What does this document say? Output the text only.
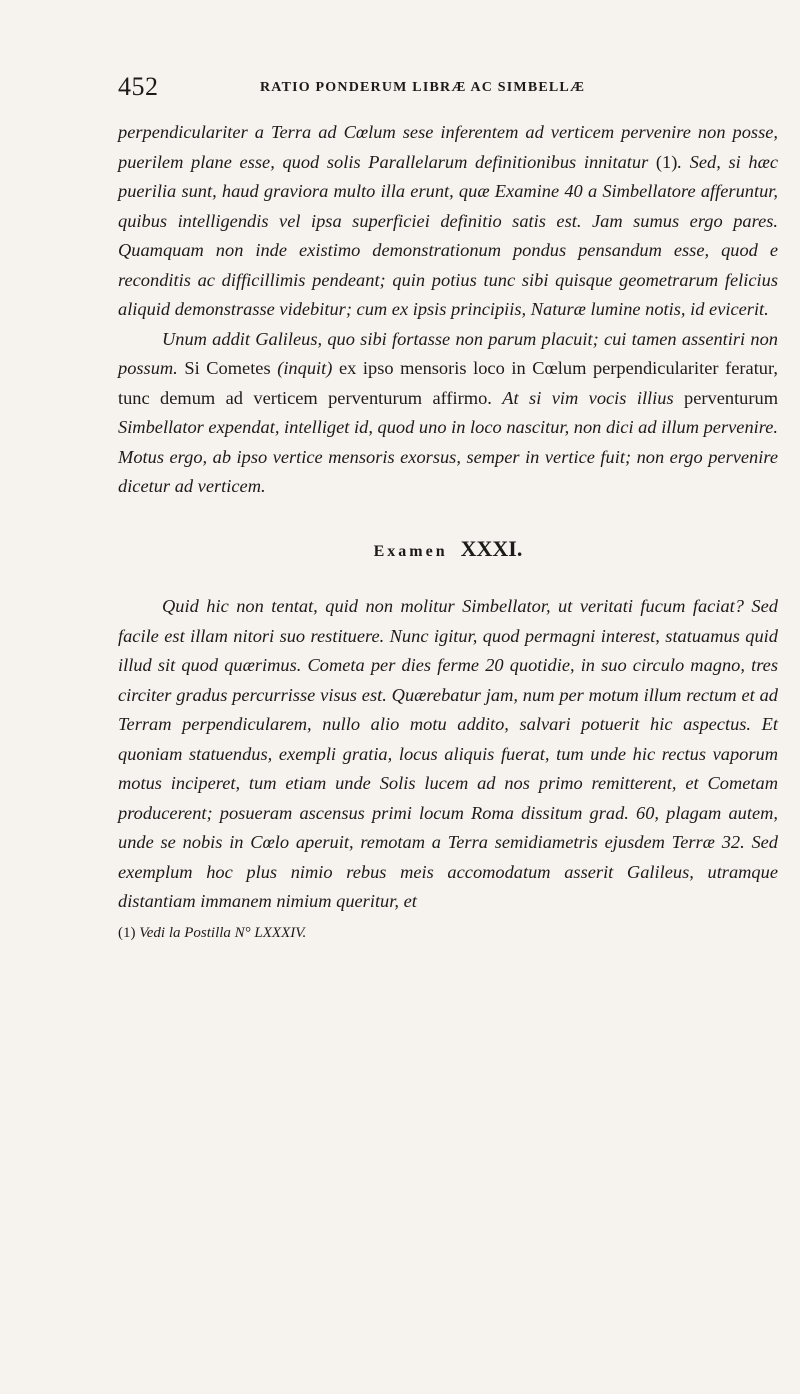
452	RATIO PONDERUM LIBRÆ AC SIMBELLÆ

perpendiculariter a Terra ad Cœlum sese inferentem ad verticem pervenire non posse, puerilem plane esse, quod solis Parallelarum definitionibus innitatur (1). Sed, si hæc puerilia sunt, haud graviora multo illa erunt, quæ Examine 40 a Simbellatore afferuntur, quibus intelligendis vel ipsa superficiei definitio satis est. Jam sumus ergo pares. Quamquam non inde existimo demonstrationum pondus pensandum esse, quod e reconditis ac difficillimis pendeant; quin potius tunc sibi quisque geometrarum felicius aliquid demonstrasse videbitur; cum ex ipsis principiis, Naturæ lumine notis, id evicerit.

Unum addit Galileus, quo sibi fortasse non parum placuit; cui tamen assentiri non possum. Si Cometes (inquit) ex ipso mensoris loco in Cœlum perpendiculariter feratur, tunc demum ad verticem perventurum affirmo. At si vim vocis illius perventurum Simbellator expendat, intelliget id, quod uno in loco nascitur, non dici ad illum pervenire. Motus ergo, ab ipso vertice mensoris exorsus, semper in vertice fuit; non ergo pervenire dicetur ad verticem.

Examen XXXI.

Quid hic non tentat, quid non molitur Simbellator, ut veritati fucum faciat? Sed facile est illam nitori suo restituere. Nunc igitur, quod permagni interest, statuamus quid illud sit quod quærimus. Cometa per dies ferme 20 quotidie, in suo circulo magno, tres circiter gradus percurrisse visus est. Quærebatur jam, num per motum illum rectum et ad Terram perpendicularem, nullo alio motu addito, salvari potuerit hic aspectus. Et quoniam statuendus, exempli gratia, locus aliquis fuerat, tum unde hic rectus vaporum motus inciperet, tum etiam unde Solis lucem ad nos primo remitterent, et Cometam producerent; posueram ascensus primi locum Roma dissitum grad. 60, plagam autem, unde se nobis in Cœlo aperuit, remotam a Terra semidiametris ejusdem Terræ 32. Sed exemplum hoc plus nimio rebus meis accomodatum asserit Galileus, utramque distantiam immanem nimium queritur, et

(1) Vedi la Postilla N° LXXXIV.
